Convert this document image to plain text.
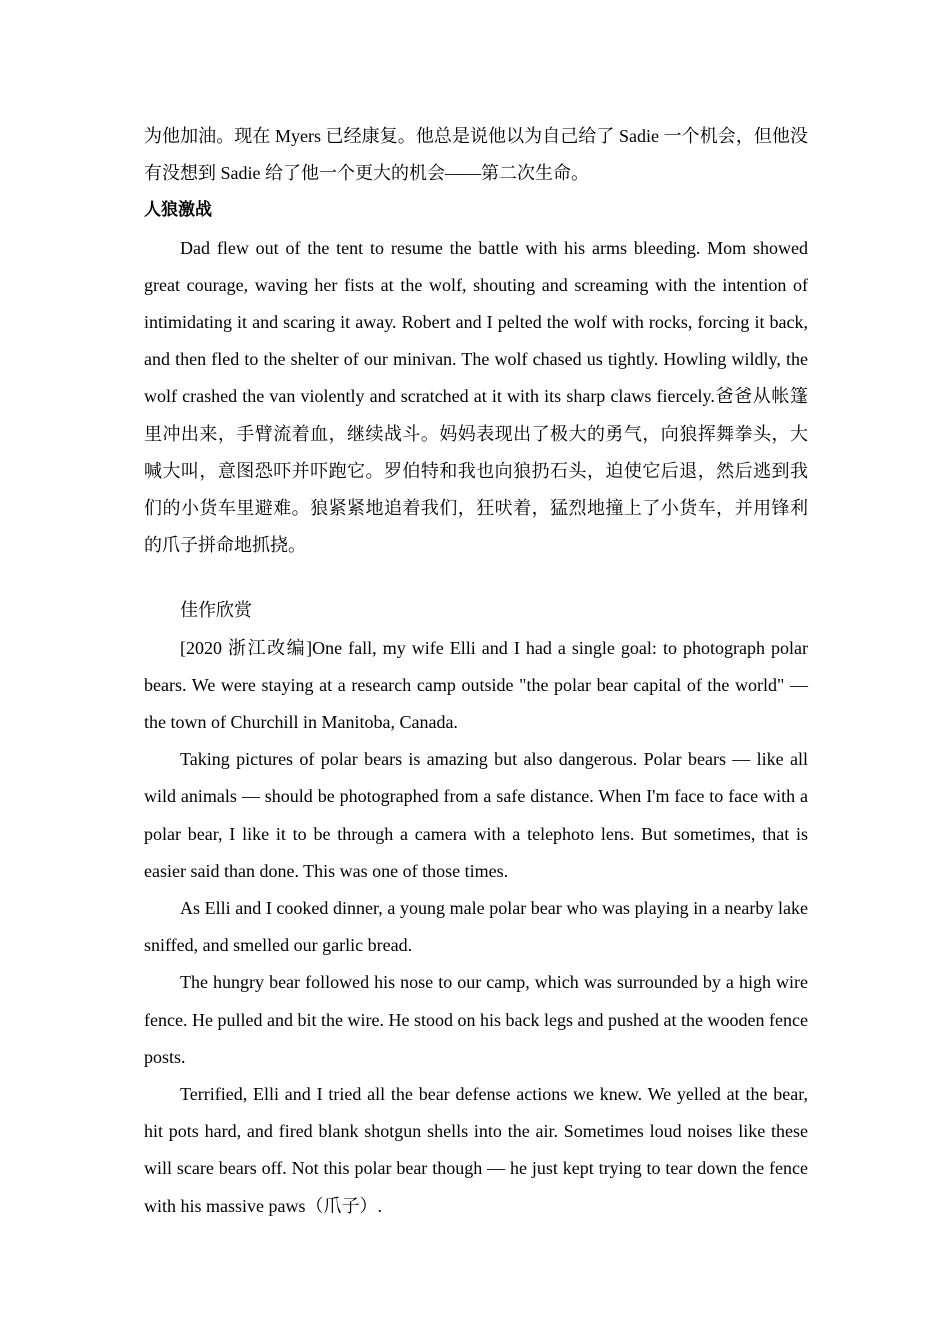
为他加油。现在 Myers 已经康复。他总是说他以为自己给了 Sadie 一个机会，但他没有没想到 Sadie 给了他一个更大的机会——第二次生命。

人狼激战

Dad flew out of the tent to resume the battle with his arms bleeding. Mom showed great courage, waving her fists at the wolf, shouting and screaming with the intention of intimidating it and scaring it away. Robert and I pelted the wolf with rocks, forcing it back, and then fled to the shelter of our minivan. The wolf chased us tightly. Howling wildly, the wolf crashed the van violently and scratched at it with its sharp claws fiercely.爸爸从帐篷里冲出来，手臂流着血，继续战斗。妈妈表现出了极大的勇气，向狼挥舞拳头，大喊大叫，意图恐吓并吓跑它。罗伯特和我也向狼扔石头，迫使它后退，然后逃到我们的小货车里避难。狼紧紧地追着我们，狂吠着，猛烈地撞上了小货车，并用锋利的爪子拼命地抓挠。

佳作欣赏

[2020 浙江改编]One fall, my wife Elli and I had a single goal: to photograph polar bears. We were staying at a research camp outside "the polar bear capital of the world" — the town of Churchill in Manitoba, Canada.

Taking pictures of polar bears is amazing but also dangerous. Polar bears — like all wild animals — should be photographed from a safe distance. When I'm face to face with a polar bear, I like it to be through a camera with a telephoto lens. But sometimes, that is easier said than done. This was one of those times.

As Elli and I cooked dinner, a young male polar bear who was playing in a nearby lake sniffed, and smelled our garlic bread.

The hungry bear followed his nose to our camp, which was surrounded by a high wire fence. He pulled and bit the wire. He stood on his back legs and pushed at the wooden fence posts.

Terrified, Elli and I tried all the bear defense actions we knew. We yelled at the bear, hit pots hard, and fired blank shotgun shells into the air. Sometimes loud noises like these will scare bears off. Not this polar bear though — he just kept trying to tear down the fence with his massive paws（爪子）.
